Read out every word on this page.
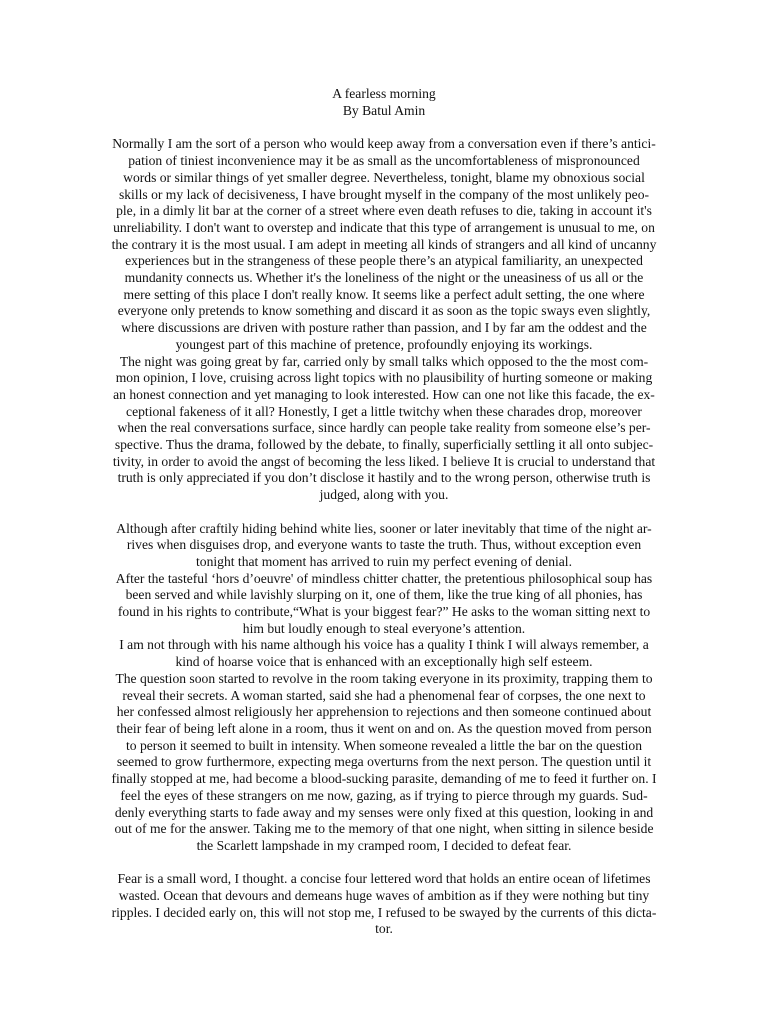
A fearless morning
By Batul Amin
Normally I am the sort of a person who would keep away from a conversation even if there’s antici-
pation of tiniest inconvenience may it be as small as the uncomfortableness of mispronounced
words or similar things of yet smaller degree. Nevertheless, tonight, blame my obnoxious social
skills or my lack of decisiveness, I have brought myself in the company of the most unlikely peo-
ple, in a dimly lit bar at the corner of a street where even death refuses to die, taking in account it's
unreliability. I don't want to overstep and indicate that this type of arrangement is unusual to me, on
the contrary it is the most usual. I am adept in meeting all kinds of strangers and all kind of uncanny
experiences but in the strangeness of these people there’s an atypical familiarity, an unexpected
mundanity connects us. Whether it's the loneliness of the night or the uneasiness of us all or the
mere setting of this place I don't really know. It seems like a perfect adult setting, the one where
everyone only pretends to know something and discard it as soon as the topic sways even slightly,
where discussions are driven with posture rather than passion, and I by far am the oddest and the
youngest part of this machine of pretence, profoundly enjoying its workings.
The night was going great by far, carried only by small talks which opposed to the the most com-
mon opinion, I love, cruising across light topics with no plausibility of hurting someone or making
an honest connection and yet managing to look interested. How can one not like this facade, the ex-
ceptional fakeness of it all? Honestly, I get a little twitchy when these charades drop, moreover
when the real conversations surface, since hardly can people take reality from someone else’s per-
spective. Thus the drama, followed by the debate, to finally, superficially settling it all onto subjec-
tivity, in order to avoid the angst of becoming the less liked. I believe It is crucial to understand that
truth is only appreciated if you don’t disclose it hastily and to the wrong person, otherwise truth is
judged, along with you.
Although after craftily hiding behind white lies, sooner or later inevitably that time of the night ar-
rives when disguises drop, and everyone wants to taste the truth. Thus, without exception even
tonight that moment has arrived to ruin my perfect evening of denial.
After the tasteful ‘hors d’oeuvre' of mindless chitter chatter, the pretentious philosophical soup has
been served and while lavishly slurping on it, one of them, like the true king of all phonies, has
found in his rights to contribute,“What is your biggest fear?” He asks to the woman sitting next to
him but loudly enough to steal everyone’s attention.
I am not through with his name although his voice has a quality I think I will always remember, a
kind of hoarse voice that is enhanced with an exceptionally high self esteem.
The question soon started to revolve in the room taking everyone in its proximity, trapping them to
reveal their secrets. A woman started, said she had a phenomenal fear of corpses, the one next to
her confessed almost religiously her apprehension to rejections and then someone continued about
their fear of being left alone in a room, thus it went on and on. As the question moved from person
to person it seemed to built in intensity. When someone revealed a little the bar on the question
seemed to grow furthermore, expecting mega overturns from the next person. The question until it
finally stopped at me, had become a blood-sucking parasite, demanding of me to feed it further on. I
feel the eyes of these strangers on me now, gazing, as if trying to pierce through my guards. Sud-
denly everything starts to fade away and my senses were only fixed at this question, looking in and
out of me for the answer. Taking me to the memory of that one night, when sitting in silence beside
the Scarlett lampshade in my cramped room, I decided to defeat fear.
Fear is a small word, I thought. a concise four lettered word that holds an entire ocean of lifetimes
wasted. Ocean that devours and demeans huge waves of ambition as if they were nothing but tiny
ripples. I decided early on, this will not stop me, I refused to be swayed by the currents of this dicta-
tor.
